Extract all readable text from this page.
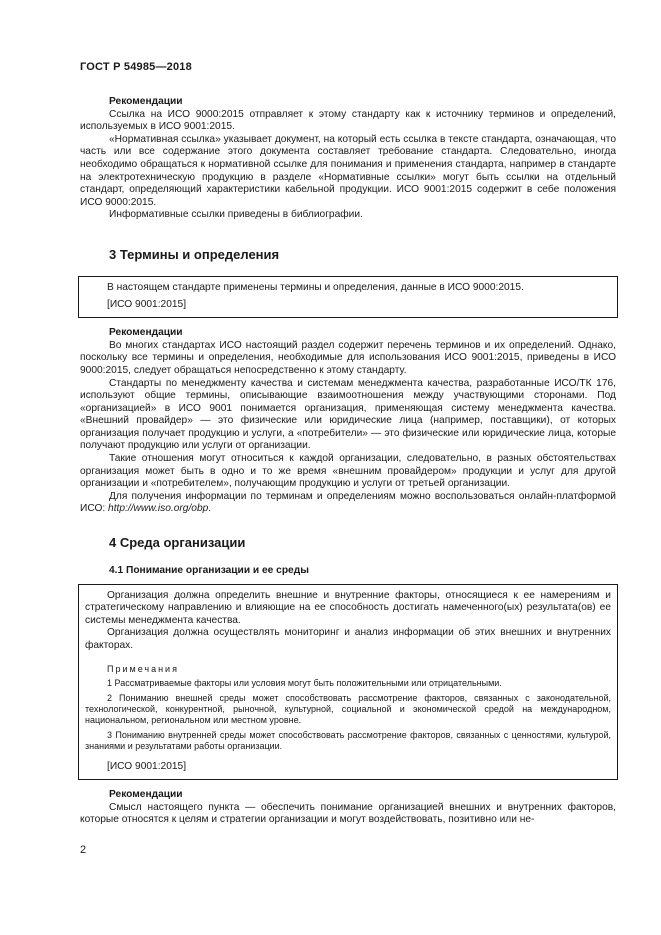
ГОСТ Р 54985—2018
Рекомендации

Ссылка на ИСО 9000:2015 отправляет к этому стандарту как к источнику терминов и определений, используемых в ИСО 9001:2015.

«Нормативная ссылка» указывает документ, на который есть ссылка в тексте стандарта, означающая, что часть или все содержание этого документа составляет требование стандарта. Следовательно, иногда необходимо обращаться к нормативной ссылке для понимания и применения стандарта, например в стандарте на электротехническую продукцию в разделе «Нормативные ссылки» могут быть ссылки на отдельный стандарт, определяющий характеристики кабельной продукции. ИСО 9001:2015 содержит в себе положения ИСО 9000:2015.

Информативные ссылки приведены в библиографии.

3 Термины и определения

В настоящем стандарте применены термины и определения, данные в ИСО 9000:2015.

[ИСО 9001:2015]
Рекомендации

Во многих стандартах ИСО настоящий раздел содержит перечень терминов и их определений. Однако, поскольку все термины и определения, необходимые для использования ИСО 9001:2015, приведены в ИСО 9000:2015, следует обращаться непосредственно к этому стандарту.

Стандарты по менеджменту качества и системам менеджмента качества, разработанные ИСО/ТК 176, используют общие термины, описывающие взаимоотношения между участвующими сторонами. Под «организацией» в ИСО 9001 понимается организация, применяющая систему менеджмента качества. «Внешний провайдер» — это физические или юридические лица (например, поставщики), от которых организация получает продукцию и услуги, а «потребители» — это физические или юридические лица, которые получают продукцию или услуги от организации.

Такие отношения могут относиться к каждой организации, следовательно, в разных обстоятельствах организация может быть в одно и то же время «внешним провайдером» продукции и услуг для другой организации и «потребителем», получающим продукцию и услуги от третьей организации.

Для получения информации по терминам и определениям можно воспользоваться онлайн-платформой ИСО: http://www.iso.org/obp.

4 Среда организации
4.1 Понимание организации и ее среды

Организация должна определить внешние и внутренние факторы, относящиеся к ее намерениям и стратегическому направлению и влияющие на ее способность достигать намеченного(ых) результата(ов) ее системы менеджмента качества.

Организация должна осуществлять мониторинг и анализ информации об этих внешних и внутренних факторах.

Примечания
1 Рассматриваемые факторы или условия могут быть положительными или отрицательными.
2 Пониманию внешней среды может способствовать рассмотрение факторов, связанных с законодательной, технологической, конкурентной, рыночной, культурной, социальной и экономической средой на международном, национальном, региональном или местном уровне.
3 Пониманию внутренней среды может способствовать рассмотрение факторов, связанных с ценностями, культурой, знаниями и результатами работы организации.
[ИСО 9001:2015]
Рекомендации

Смысл настоящего пункта — обеспечить понимание организацией внешних и внутренних факторов, которые относятся к целям и стратегии организации и могут воздействовать, позитивно или не-

2
